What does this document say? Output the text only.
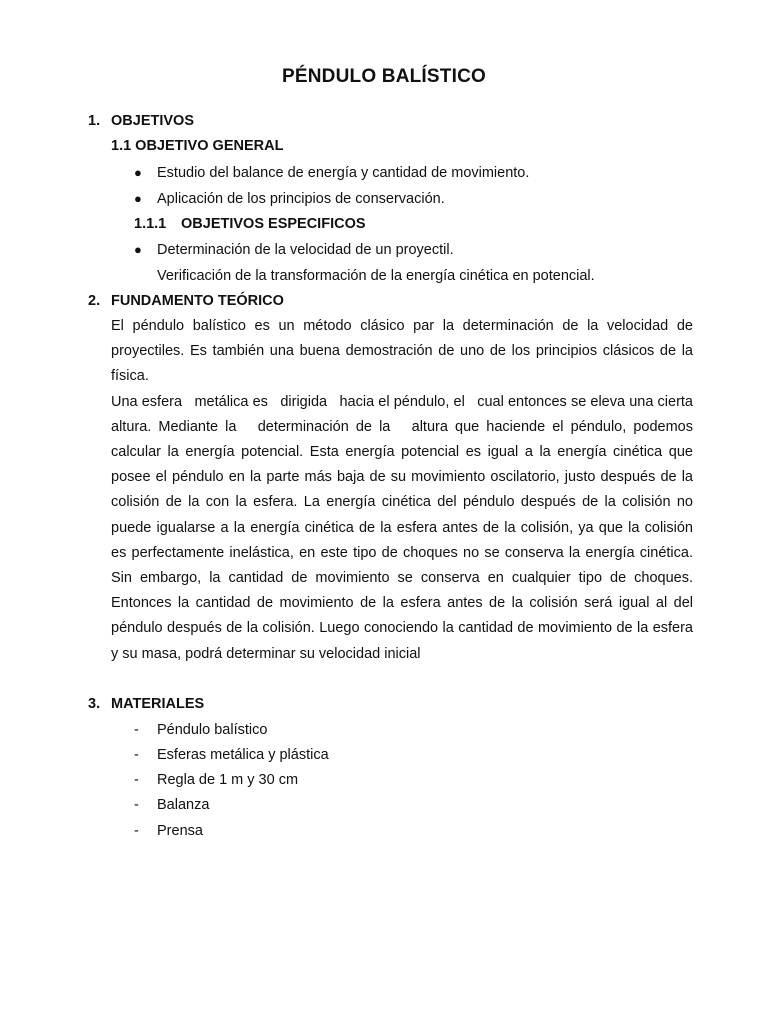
PÉNDULO BALÍSTICO
1. OBJETIVOS
1.1 OBJETIVO GENERAL
● Estudio del balance de energía y cantidad de movimiento.
● Aplicación de los principios de conservación.
1.1.1 OBJETIVOS ESPECIFICOS
● Determinación de la velocidad de un proyectil.
Verificación de la transformación de la energía cinética en potencial.
2. FUNDAMENTO TEÓRICO

El péndulo balístico es un método clásico par la determinación de la velocidad de proyectiles. Es también una buena demostración de uno de los principios clásicos de la física.

Una esfera   metálica es   dirigida   hacia el péndulo, el   cual entonces se eleva una cierta altura. Mediante la   determinación de la   altura que haciende el péndulo, podemos calcular la energía potencial. Esta energía potencial es igual a la energía cinética que posee el péndulo en la parte más baja de su movimiento oscilatorio, justo después de la colisión de la con la esfera. La energía cinética del péndulo después de la colisión no puede igualarse a la energía cinética de la esfera antes de la colisión, ya que la colisión es perfectamente inelástica, en este tipo de choques no se conserva la energía cinética. Sin embargo, la cantidad de movimiento se conserva en cualquier tipo de choques. Entonces la cantidad de movimiento de la esfera antes de la colisión será igual al del péndulo después de la colisión. Luego conociendo la cantidad de movimiento de la esfera y su masa, podrá determinar su velocidad inicial

3. MATERIALES
- Péndulo balístico
- Esferas metálica y plástica
- Regla de 1 m y 30 cm
- Balanza
- Prensa
